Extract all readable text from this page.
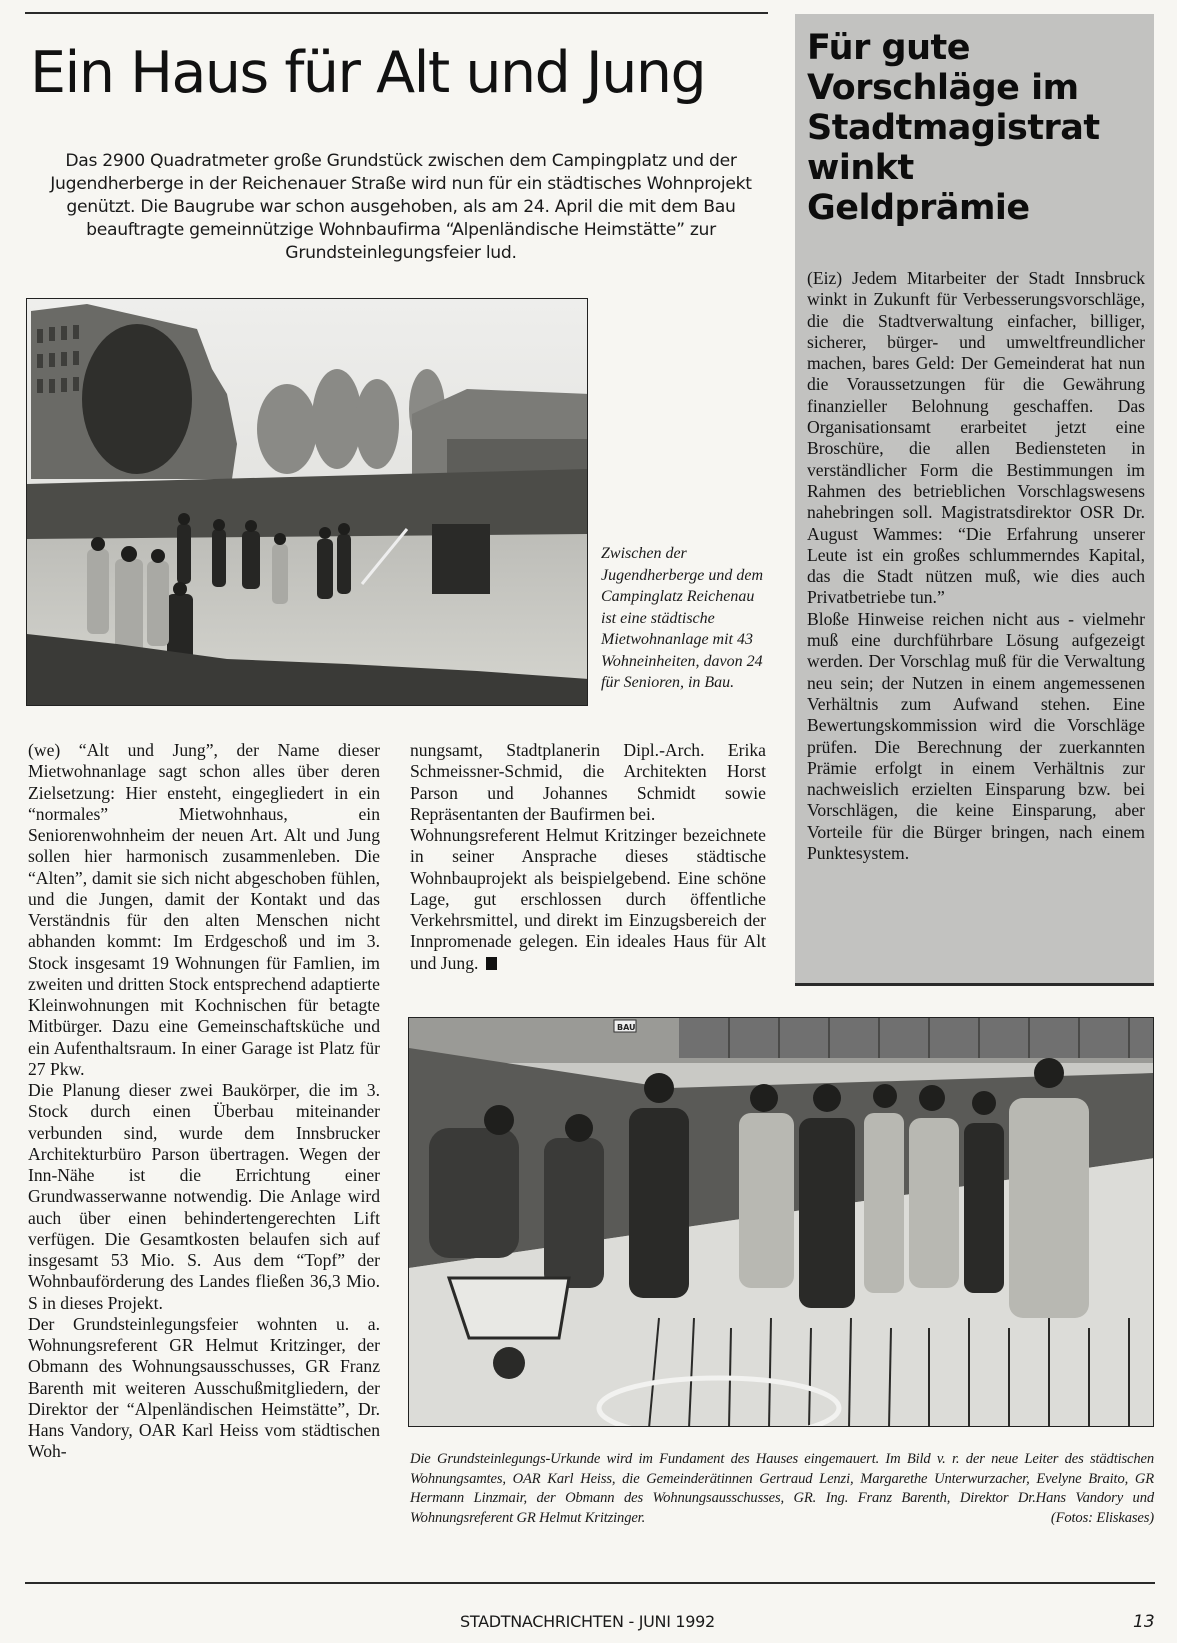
Ein Haus für Alt und Jung

Das 2900 Quadratmeter große Grundstück zwischen dem Campingplatz und der Jugendherberge in der Reichenauer Straße wird nun für ein städtisches Wohnprojekt genützt. Die Baugrube war schon ausgehoben, als am 24. April die mit dem Bau beauftragte gemeinnützige Wohnbaufirma “Alpenländische Heimstätte” zur Grundsteinlegungsfeier lud.

Zwischen der Jugendherberge und dem Campinglatz Reichenau ist eine städtische Mietwohnanlage mit 43 Wohneinheiten, davon 24 für Senioren, in Bau.

(we) “Alt und Jung”, der Name dieser Mietwohnanlage sagt schon alles über deren Zielsetzung: Hier ensteht, eingegliedert in ein “normales” Mietwohnhaus, ein Seniorenwohnheim der neuen Art. Alt und Jung sollen hier harmonisch zusammenleben. Die “Alten”, damit sie sich nicht abgeschoben fühlen, und die Jungen, damit der Kontakt und das Verständnis für den alten Menschen nicht abhanden kommt: Im Erdgeschoß und im 3. Stock insgesamt 19 Wohnungen für Famlien, im zweiten und dritten Stock entsprechend adaptierte Kleinwohnungen mit Kochnischen für betagte Mitbürger. Dazu eine Gemeinschaftsküche und ein Aufenthaltsraum. In einer Garage ist Platz für 27 Pkw.

Die Planung dieser zwei Baukörper, die im 3. Stock durch einen Überbau miteinander verbunden sind, wurde dem Innsbrucker Architekturbüro Parson übertragen. Wegen der Inn-Nähe ist die Errichtung einer Grundwasserwanne notwendig. Die Anlage wird auch über einen behindertengerechten Lift verfügen. Die Gesamtkosten belaufen sich auf insgesamt 53 Mio. S. Aus dem “Topf” der Wohnbauförderung des Landes fließen 36,3 Mio. S in dieses Projekt.

Der Grundsteinlegungsfeier wohnten u. a. Wohnungsreferent GR Helmut Kritzinger, der Obmann des Wohnungsausschusses, GR Franz Barenth mit weiteren Ausschußmitgliedern, der Direktor der “Alpenländischen Heimstätte”, Dr. Hans Vandory, OAR Karl Heiss vom städtischen Woh-

nungsamt, Stadtplanerin Dipl.-Arch. Erika Schmeissner-Schmid, die Architekten Horst Parson und Johannes Schmidt sowie Repräsentanten der Baufirmen bei.

Wohnungsreferent Helmut Kritzinger bezeichnete in seiner Ansprache dieses städtische Wohnbauprojekt als beispielgebend. Eine schöne Lage, gut erschlossen durch öffentliche Verkehrsmittel, und direkt im Einzugsbereich der Innpromenade gelegen. Ein ideales Haus für Alt und Jung.

Für gute Vorschläge im Stadtmagistrat winkt Geldprämie

(Eiz) Jedem Mitarbeiter der Stadt Innsbruck winkt in Zukunft für Verbesserungsvorschläge, die die Stadtverwaltung einfacher, billiger, sicherer, bürger- und umweltfreundlicher machen, bares Geld: Der Gemeinderat hat nun die Voraussetzungen für die Gewährung finanzieller Belohnung geschaffen. Das Organisationsamt erarbeitet jetzt eine Broschüre, die allen Bediensteten in verständlicher Form die Bestimmungen im Rahmen des betrieblichen Vorschlagswesens nahebringen soll. Magistratsdirektor OSR Dr. August Wammes: “Die Erfahrung unserer Leute ist ein großes schlummerndes Kapital, das die Stadt nützen muß, wie dies auch Privatbetriebe tun.”

Bloße Hinweise reichen nicht aus - vielmehr muß eine durchführbare Lösung aufgezeigt werden. Der Vorschlag muß für die Verwaltung neu sein; der Nutzen in einem angemessenen Verhältnis zum Aufwand stehen. Eine Bewertungskommission wird die Vorschläge prüfen. Die Berechnung der zuerkannten Prämie erfolgt in einem Verhältnis zur nachweislich erzielten Einsparung bzw. bei Vorschlägen, die keine Einsparung, aber Vorteile für die Bürger bringen, nach einem Punktesystem.

BAU

Die Grundsteinlegungs-Urkunde wird im Fundament des Hauses eingemauert. Im Bild v. r. der neue Leiter des städtischen Wohnungsamtes, OAR Karl Heiss, die Gemeinderätinnen Gertraud Lenzi, Margarethe Unterwurzacher, Evelyne Braito, GR Hermann Linzmair, der Obmann des Wohnungsausschusses, GR. Ing. Franz Barenth, Direktor Dr.Hans Vandory und Wohnungsreferent GR Helmut Kritzinger.	(Fotos: Eliskases)

STADTNACHRICHTEN - JUNI 1992	13
